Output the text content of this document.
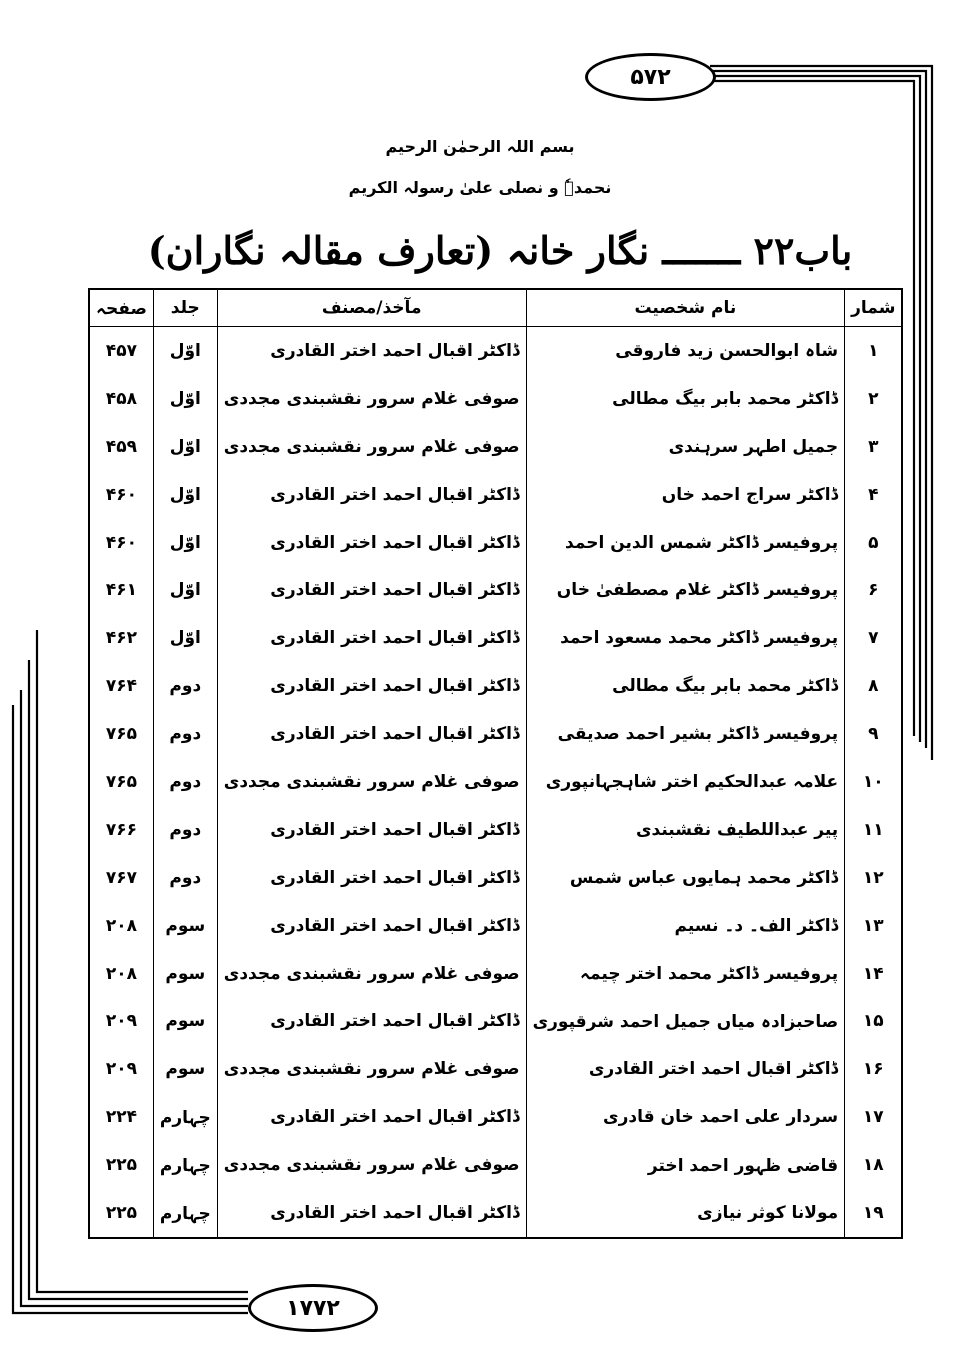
۵۷۲
بسم اللہ الرحمٰن الرحیم
نحمدہٗ و نصلی علیٰ رسولہ الکریم
باب۲۲ ـــــــ نگار خانہ (تعارف مقالہ نگاران)
شمار	نام شخصیت	مآخذ/مصنف	جلد	صفحہ
۱	شاہ ابوالحسن زید فاروقی	ڈاکٹر اقبال احمد اختر القادری	اوّل	۴۵۷
۲	ڈاکٹر محمد بابر بیگ مطالی	صوفی غلام سرور نقشبندی مجددی	اوّل	۴۵۸
۳	جمیل اطہر سرہندی	صوفی غلام سرور نقشبندی مجددی	اوّل	۴۵۹
۴	ڈاکٹر سراج احمد خاں	ڈاکٹر اقبال احمد اختر القادری	اوّل	۴۶۰
۵	پروفیسر ڈاکٹر شمس الدین احمد	ڈاکٹر اقبال احمد اختر القادری	اوّل	۴۶۰
۶	پروفیسر ڈاکٹر غلام مصطفیٰ خاں	ڈاکٹر اقبال احمد اختر القادری	اوّل	۴۶۱
۷	پروفیسر ڈاکٹر محمد مسعود احمد	ڈاکٹر اقبال احمد اختر القادری	اوّل	۴۶۲
۸	ڈاکٹر محمد بابر بیگ مطالی	ڈاکٹر اقبال احمد اختر القادری	دوم	۷۶۴
۹	پروفیسر ڈاکٹر بشیر احمد صدیقی	ڈاکٹر اقبال احمد اختر القادری	دوم	۷۶۵
۱۰	علامہ عبدالحکیم اختر شاہجہانپوری	صوفی غلام سرور نقشبندی مجددی	دوم	۷۶۵
۱۱	پیر عبداللطیف نقشبندی	ڈاکٹر اقبال احمد اختر القادری	دوم	۷۶۶
۱۲	ڈاکٹر محمد ہمایوں عباس شمس	ڈاکٹر اقبال احمد اختر القادری	دوم	۷۶۷
۱۳	ڈاکٹر الف۔ د۔ نسیم	ڈاکٹر اقبال احمد اختر القادری	سوم	۲۰۸
۱۴	پروفیسر ڈاکٹر محمد اختر چیمہ	صوفی غلام سرور نقشبندی مجددی	سوم	۲۰۸
۱۵	صاحبزادہ میاں جمیل احمد شرقپوری	ڈاکٹر اقبال احمد اختر القادری	سوم	۲۰۹
۱۶	ڈاکٹر اقبال احمد اختر القادری	صوفی غلام سرور نقشبندی مجددی	سوم	۲۰۹
۱۷	سردار علی احمد خان قادری	ڈاکٹر اقبال احمد اختر القادری	چہارم	۲۲۴
۱۸	قاضی ظہور احمد اختر	صوفی غلام سرور نقشبندی مجددی	چہارم	۲۲۵
۱۹	مولانا کوثر نیازی	ڈاکٹر اقبال احمد اختر القادری	چہارم	۲۲۵
۱۷۷۲
